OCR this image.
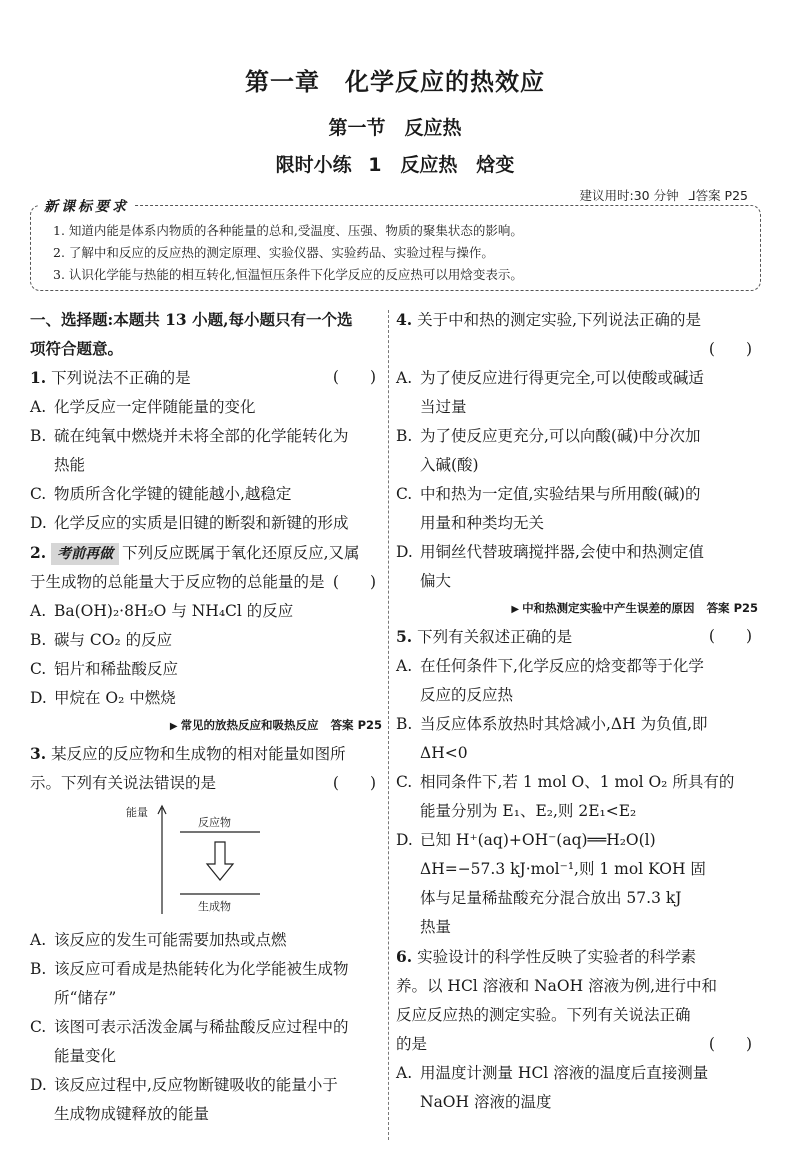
第一章　化学反应的热效应
第一节　反应热
限时小练 1　反应热　焓变
建议用时:30 分钟 ⅃答案 P25
1. 知道内能是体系内物质的各种能量的总和,受温度、压强、物质的聚集状态的影响。
2. 了解中和反应的反应热的测定原理、实验仪器、实验药品、实验过程与操作。
3. 认识化学能与热能的相互转化,恒温恒压条件下化学反应的反应热可以用焓变表示。
新课标要求
一、选择题:本题共 13 小题,每小题只有一个选
项符合题意。
1. 下列说法不正确的是	(　　)
A. 化学反应一定伴随能量的变化
B. 硫在纯氧中燃烧并未将全部的化学能转化为
热能
C. 物质所含化学键的键能越小,越稳定
D. 化学反应的实质是旧键的断裂和新键的形成
2. 考前再做 下列反应既属于氧化还原反应,又属
于生成物的总能量大于反应物的总能量的是 (　　)
A. Ba(OH)₂·8H₂O 与 NH₄Cl 的反应
B. 碳与 CO₂ 的反应
C. 铝片和稀盐酸反应
D. 甲烷在 O₂ 中燃烧
▶ 常见的放热反应和吸热反应 答案 P25
3. 某反应的反应物和生成物的相对能量如图所
示。下列有关说法错误的是	(　　)
能量
反应物
生成物
A. 该反应的发生可能需要加热或点燃
B. 该反应可看成是热能转化为化学能被生成物
所“储存”
C. 该图可表示活泼金属与稀盐酸反应过程中的
能量变化
D. 该反应过程中,反应物断键吸收的能量小于
生成物成键释放的能量
4. 关于中和热的测定实验,下列说法正确的是
(　　)
A. 为了使反应进行得更完全,可以使酸或碱适
当过量
B. 为了使反应更充分,可以向酸(碱)中分次加
入碱(酸)
C. 中和热为一定值,实验结果与所用酸(碱)的
用量和种类均无关
D. 用铜丝代替玻璃搅拌器,会使中和热测定值
偏大
▶ 中和热测定实验中产生误差的原因 答案 P25
5. 下列有关叙述正确的是	(　　)
A. 在任何条件下,化学反应的焓变都等于化学
反应的反应热
B. 当反应体系放热时其焓减小,ΔH 为负值,即
ΔH<0
C. 相同条件下,若 1 mol O、1 mol O₂ 所具有的
能量分别为 E₁、E₂,则 2E₁<E₂
D. 已知 H⁺(aq)+OH⁻(aq)══H₂O(l)
ΔH=−57.3 kJ·mol⁻¹,则 1 mol KOH 固
体与足量稀盐酸充分混合放出 57.3 kJ
热量
6. 实验设计的科学性反映了实验者的科学素
养。以 HCl 溶液和 NaOH 溶液为例,进行中和
反应反应热的测定实验。下列有关说法正确
的是	(　　)
A. 用温度计测量 HCl 溶液的温度后直接测量
NaOH 溶液的温度
